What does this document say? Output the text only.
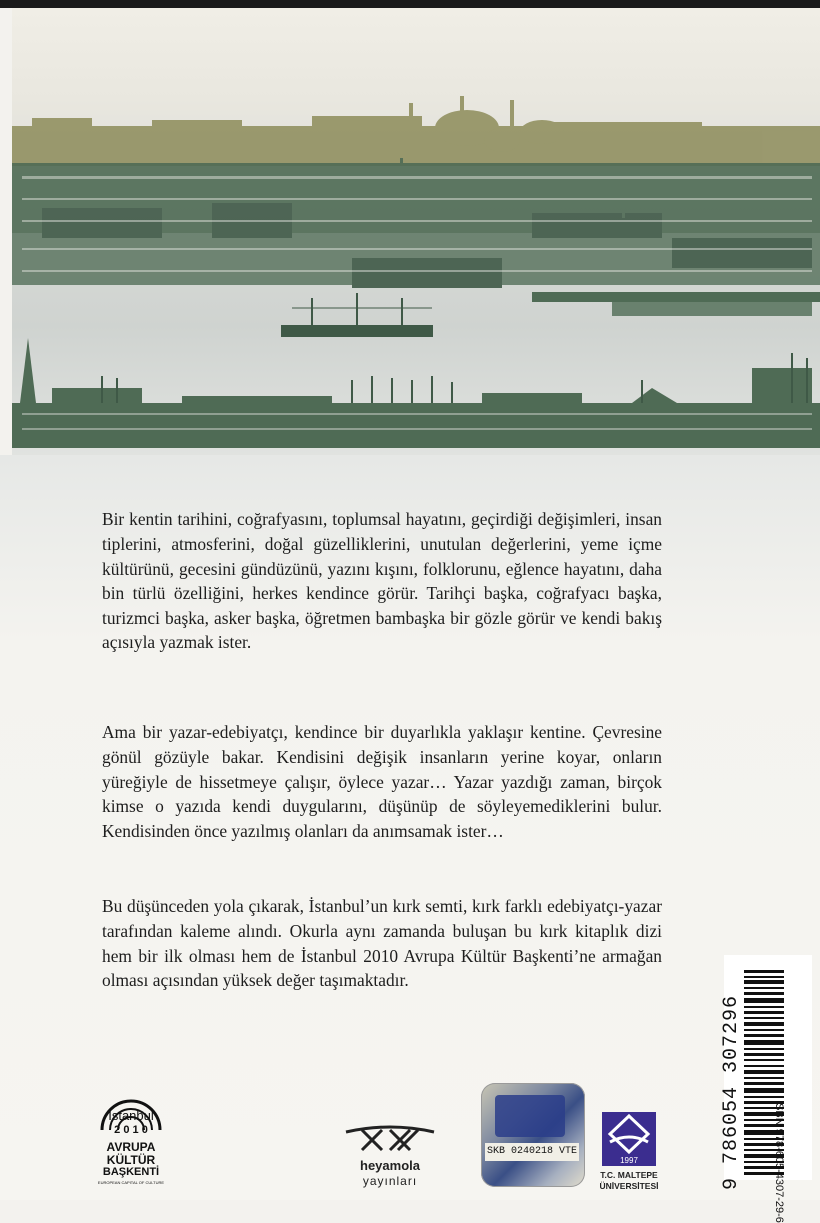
Bir kentin tarihini, coğrafyasını, toplumsal hayatını, geçirdiği değişimleri, insan tiplerini, atmosferini, doğal güzelliklerini, unutulan değerlerini, yeme içme kültürünü, gecesini gündüzünü, yazını kışını, folklorunu, eğlence hayatını, daha bin türlü özelliğini, herkes kendince görür. Tarihçi başka, coğrafyacı başka, turizmci başka, asker başka, öğretmen bambaşka bir gözle görür ve kendi bakış açısıyla yazmak ister.

Ama bir yazar-edebiyatçı, kendince bir duyarlıkla yaklaşır kentine. Çevresine gönül gözüyle bakar. Kendisini değişik insanların yerine koyar, onların yüreğiyle de hissetmeye çalışır, öylece yazar… Yazar yazdığı zaman, birçok kimse o yazıda kendi duygularını, düşünüp de söyleyemediklerini bulur. Kendisinden önce yazılmış olanları da anımsamak ister…

Bu düşünceden yola çıkarak, İstanbul’un kırk semti, kırk farklı edebiyatçı-yazar tarafından kaleme alındı. Okurla aynı zamanda buluşan bu kırk kitaplık dizi hem bir ilk olması hem de İstanbul 2010 Avrupa Kültür Başkenti’ne armağan olması açısından yüksek değer taşımaktadır.

ISBN 978-605-4307-29-6
9 786054 307296
İstanbul
2 0 1 0
AVRUPA
KÜLTÜR
BAŞKENTİ
EUROPEAN CAPITAL OF CULTURE
heyamola
yayınları
SKB 0240218 VTE
1997
T.C. MALTEPE
ÜNİVERSİTESİ
